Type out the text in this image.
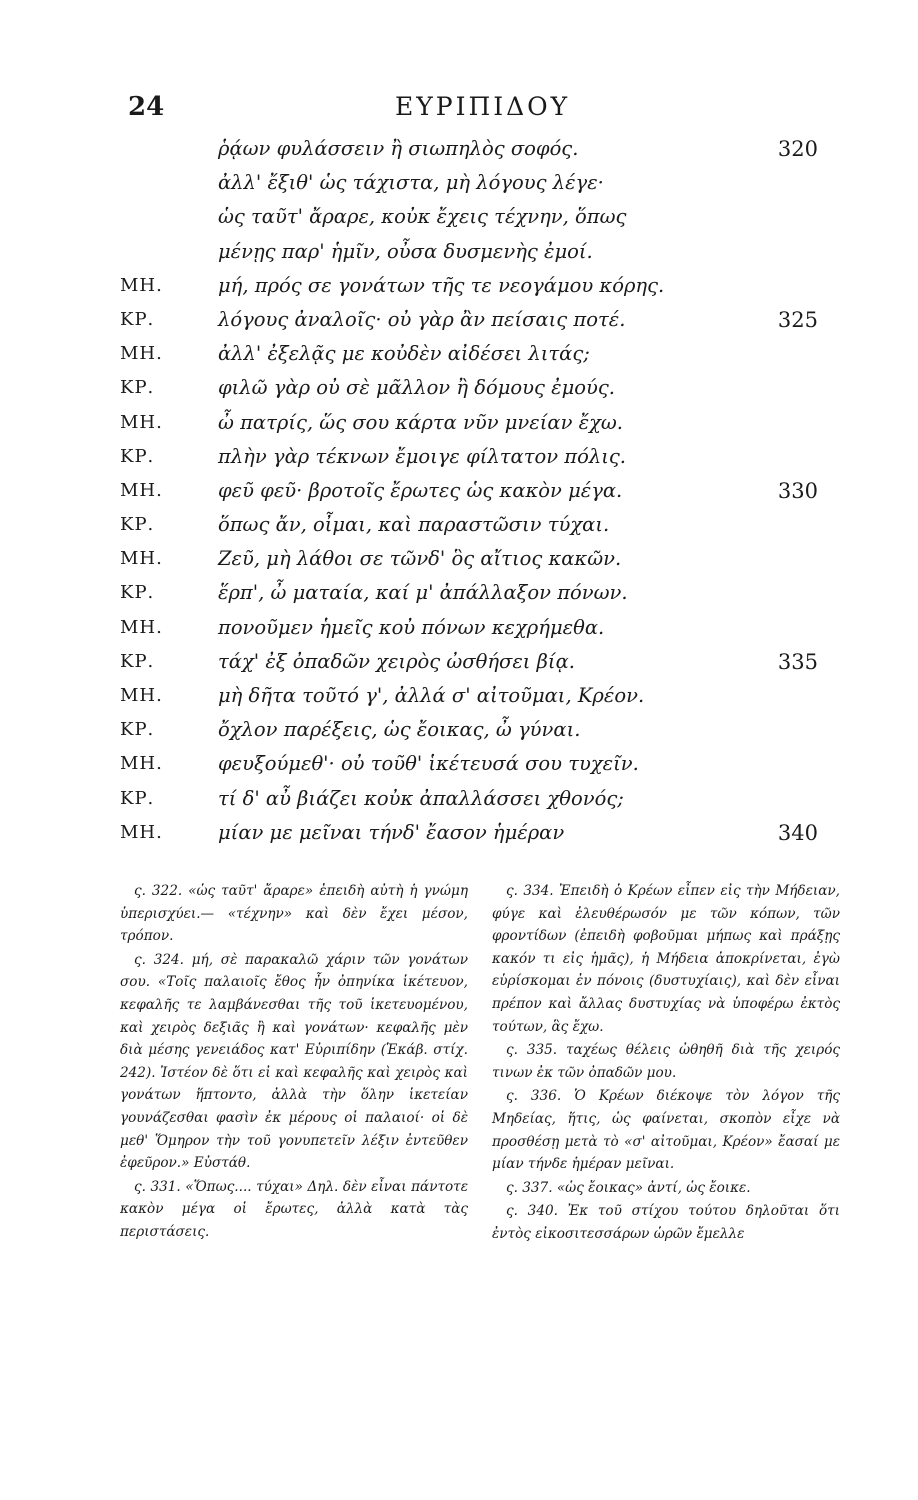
24	ΕΥΡΙΠΙΔΟΥ
ῥᾴων φυλάσσειν ἢ σιωπηλὸς σοφός.	320
ἀλλ' ἔξιθ' ὡς τάχιστα, μὴ λόγους λέγε·
ὡς ταῦτ' ἄραρε, κοὐκ ἔχεις τέχνην, ὅπως
μένῃς παρ' ἡμῖν, οὖσα δυσμενὴς ἐμοί.
ΜΗ.	μή, πρός σε γονάτων τῆς τε νεογάμου κόρης.
ΚΡ.	λόγους ἀναλοῖς· οὐ γὰρ ἂν πείσαις ποτέ.	325
ΜΗ.	ἀλλ' ἐξελᾷς με κοὐδὲν αἰδέσει λιτάς;
ΚΡ.	φιλῶ γὰρ οὐ σὲ μᾶλλον ἢ δόμους ἐμούς.
ΜΗ.	ὦ πατρίς, ὥς σου κάρτα νῦν μνείαν ἔχω.
ΚΡ.	πλὴν γὰρ τέκνων ἔμοιγε φίλτατον πόλις.
ΜΗ.	φεῦ φεῦ· βροτοῖς ἔρωτες ὡς κακὸν μέγα.	330
ΚΡ.	ὅπως ἄν, οἶμαι, καὶ παραστῶσιν τύχαι.
ΜΗ.	Ζεῦ, μὴ λάθοι σε τῶνδ' ὃς αἴτιος κακῶν.
ΚΡ.	ἕρπ', ὦ ματαία, καί μ' ἀπάλλαξον πόνων.
ΜΗ.	πονοῦμεν ἡμεῖς κοὐ πόνων κεχρήμεθα.
ΚΡ.	τάχ' ἐξ ὀπαδῶν χειρὸς ὠσθήσει βίᾳ.	335
ΜΗ.	μὴ δῆτα τοῦτό γ', ἀλλά σ' αἰτοῦμαι, Κρέον.
ΚΡ.	ὄχλον παρέξεις, ὡς ἔοικας, ὦ γύναι.
ΜΗ.	φευξούμεθ'· οὐ τοῦθ' ἱκέτευσά σου τυχεῖν.
ΚΡ.	τί δ' αὖ βιάζει κοὐκ ἀπαλλάσσει χθονός;
ΜΗ.	μίαν με μεῖναι τήνδ' ἔασον ἡμέραν	340

ς. 322. «ὡς ταῦτ' ἄραρε» ἐπειδὴ αὐτὴ ἡ γνώμη ὑπερισχύει.— «τέχνην» καὶ δὲν ἔχει μέσον, τρόπον.

ς. 324. μή, σὲ παρακαλῶ χάριν τῶν γονάτων σου. «Τοῖς παλαιοῖς ἔθος ἦν ὀπηνίκα ἱκέτευον, κεφαλῆς τε λαμβάνεσθαι τῆς τοῦ ἱκετευομένου, καὶ χειρὸς δεξιᾶς ἢ καὶ γονάτων· κεφαλῆς μὲν διὰ μέσης γενειάδος κατ' Εὐριπίδην (Ἑκάβ. στίχ. 242). Ἰστέον δὲ ὅτι εἰ καὶ κεφαλῆς καὶ χειρὸς καὶ γονάτων ἥπτοντο, ἀλλὰ τὴν ὅλην ἱκετείαν γουνάζεσθαι φασὶν ἐκ μέρους οἱ παλαιοί· οἱ δὲ μεθ' Ὅμηρον τὴν τοῦ γονυπετεῖν λέξιν ἐντεῦθεν ἐφεῦρον.» Εὐστάθ.

ς. 331. «Ὅπως.... τύχαι» Δηλ. δὲν εἶναι πάντοτε κακὸν μέγα οἱ ἔρωτες, ἀλλὰ κατὰ τὰς περιστάσεις.

ς. 334. Ἐπειδὴ ὁ Κρέων εἶπεν εἰς τὴν Μήδειαν, φύγε καὶ ἐλευθέρωσόν με τῶν κόπων, τῶν φροντίδων (ἐπειδὴ φοβοῦμαι μήπως καὶ πράξῃς κακόν τι εἰς ἡμᾶς), ἡ Μήδεια ἀποκρίνεται, ἐγὼ εὑρίσκομαι ἐν πόνοις (δυστυχίαις), καὶ δὲν εἶναι πρέπον καὶ ἄλλας δυστυχίας νὰ ὑποφέρω ἐκτὸς τούτων, ἃς ἔχω.

ς. 335. ταχέως θέλεις ὠθηθῆ διὰ τῆς χειρός τινων ἐκ τῶν ὀπαδῶν μου.

ς. 336. Ὁ Κρέων διέκοψε τὸν λόγον τῆς Μηδείας, ἥτις, ὡς φαίνεται, σκοπὸν εἶχε νὰ προσθέσῃ μετὰ τὸ «σ' αἰτοῦμαι, Κρέον» ἔασαί με μίαν τήνδε ἡμέραν μεῖναι.

ς. 337. «ὡς ἔοικας» ἀντί, ὡς ἔοικε.

ς. 340. Ἐκ τοῦ στίχου τούτου δηλοῦται ὅτι ἐντὸς εἰκοσιτεσσάρων ὡρῶν ἔμελλε
